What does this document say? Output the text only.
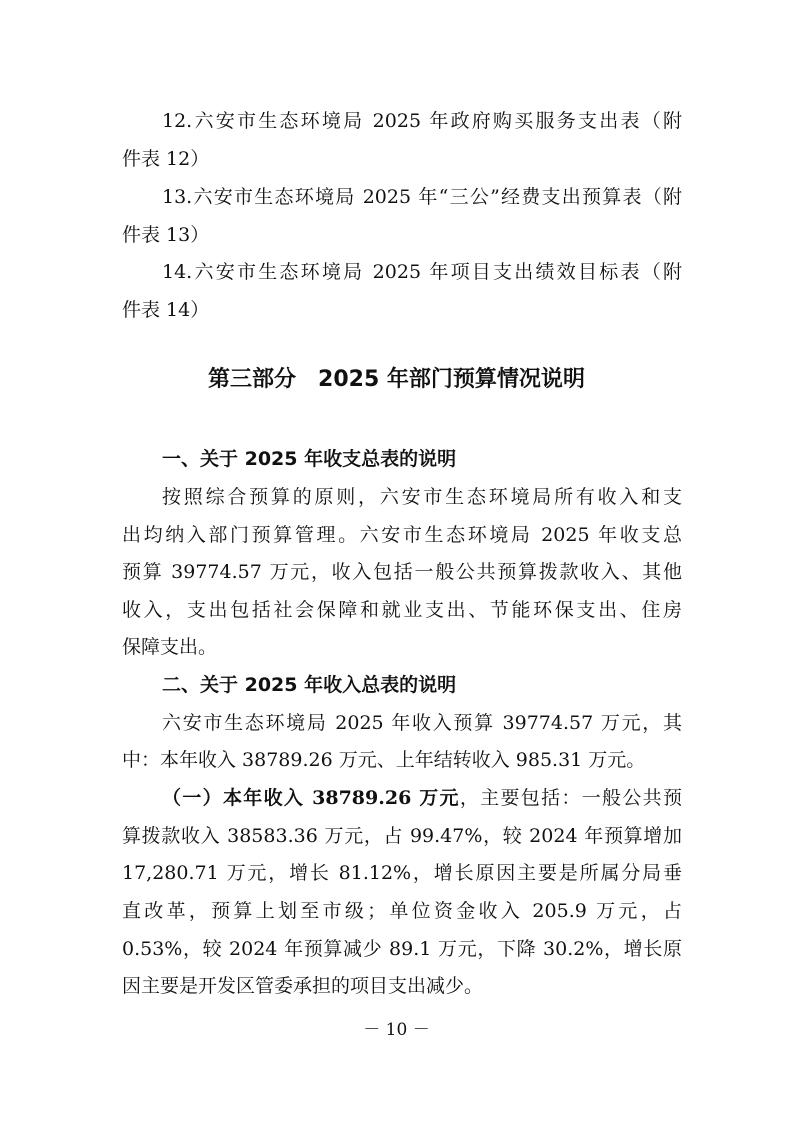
12.六安市生态环境局 2025 年政府购买服务支出表（附
件表 12）
13.六安市生态环境局 2025 年“三公”经费支出预算表（附
件表 13）
14.六安市生态环境局 2025 年项目支出绩效目标表（附
件表 14）
第三部分　2025 年部门预算情况说明
一、关于 2025 年收支总表的说明
按照综合预算的原则，六安市生态环境局所有收入和支
出均纳入部门预算管理。六安市生态环境局 2025 年收支总
预算 39774.57 万元，收入包括一般公共预算拨款收入、其他
收入，支出包括社会保障和就业支出、节能环保支出、住房
保障支出。
二、关于 2025 年收入总表的说明
六安市生态环境局 2025 年收入预算 39774.57 万元，其
中：本年收入 38789.26 万元、上年结转收入 985.31 万元。
（一）本年收入 38789.26 万元，主要包括：一般公共预
算拨款收入 38583.36 万元，占 99.47%，较 2024 年预算增加
17,280.71 万元，增长 81.12%，增长原因主要是所属分局垂
直改革，预算上划至市级；单位资金收入 205.9 万元，占
0.53%，较 2024 年预算减少 89.1 万元，下降 30.2%，增长原
因主要是开发区管委承担的项目支出减少。
－ 10 －
